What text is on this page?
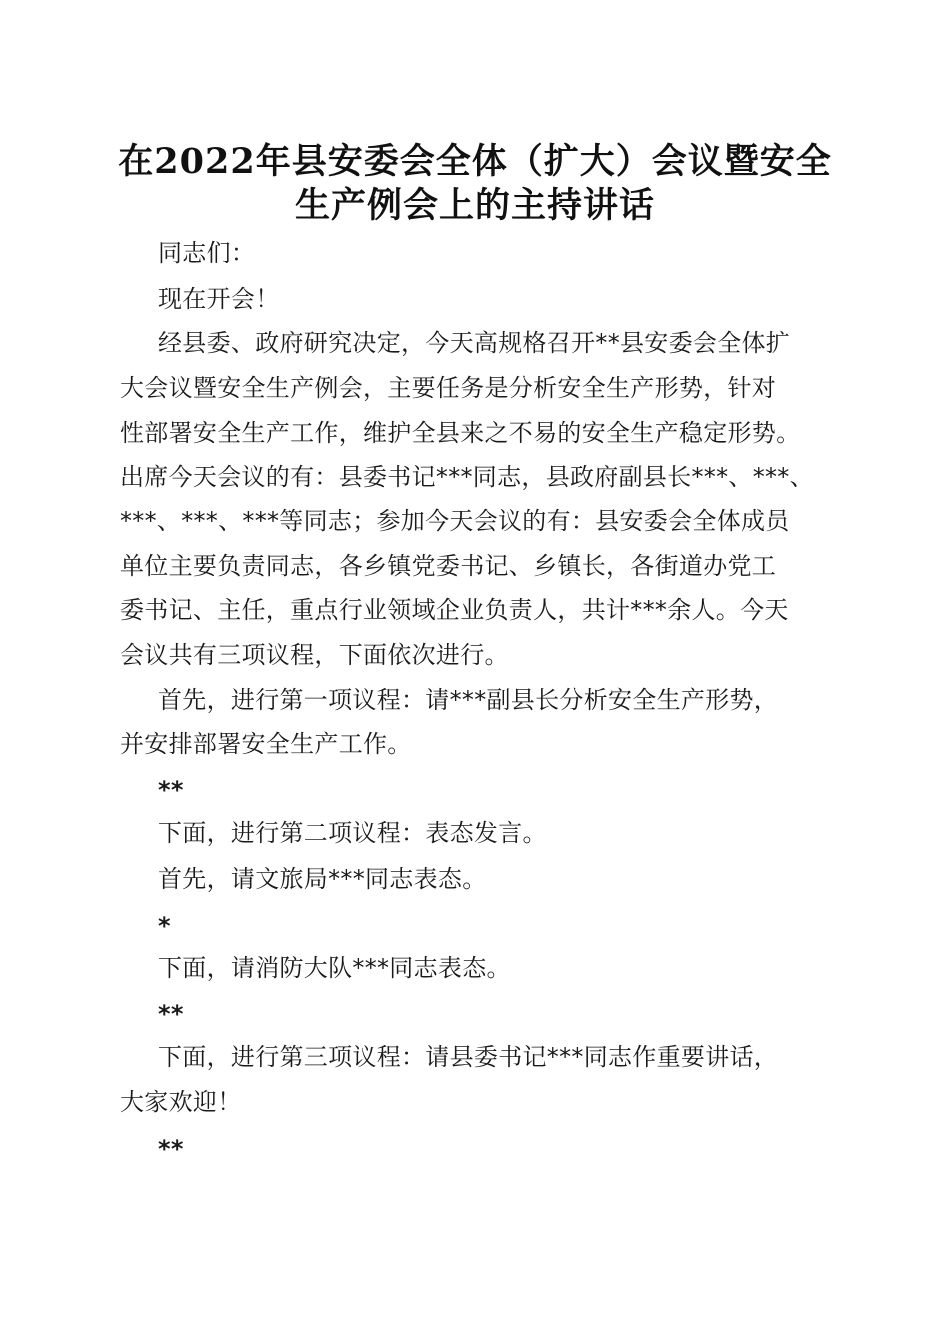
在2022年县安委会全体（扩大）会议暨安全
生产例会上的主持讲话
同志们：
现在开会！
经县委、政府研究决定，今天高规格召开**县安委会全体扩
大会议暨安全生产例会，主要任务是分析安全生产形势，针对
性部署安全生产工作，维护全县来之不易的安全生产稳定形势。
出席今天会议的有：县委书记***同志，县政府副县长***、***、
***、***、***等同志；参加今天会议的有：县安委会全体成员
单位主要负责同志，各乡镇党委书记、乡镇长，各街道办党工
委书记、主任，重点行业领域企业负责人，共计***余人。今天
会议共有三项议程，下面依次进行。
首先，进行第一项议程：请***副县长分析安全生产形势，
并安排部署安全生产工作。
**
下面，进行第二项议程：表态发言。
首先，请文旅局***同志表态。
*
下面，请消防大队***同志表态。
**
下面，进行第三项议程：请县委书记***同志作重要讲话，
大家欢迎！
**
